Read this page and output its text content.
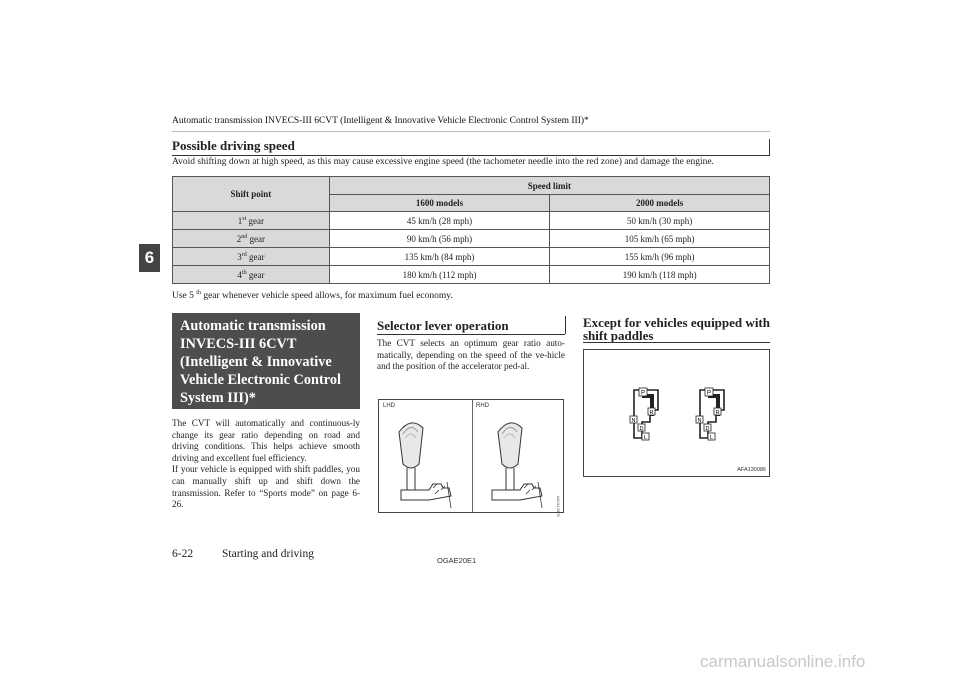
Automatic transmission INVECS-III 6CVT (Intelligent & Innovative Vehicle Electronic Control System III)*
6
Possible driving speed
Avoid shifting down at high speed, as this may cause excessive engine speed (the tachometer needle into the red zone) and damage the engine.
Shift point	Speed limit	
	1600 models	2000 models
1st gear	45 km/h (28 mph)	50 km/h (30 mph)
2nd gear	90 km/h (56 mph)	105 km/h (65 mph)
3rd gear	135 km/h (84 mph)	155 km/h (96 mph)
4th gear	180 km/h (112 mph)	190 km/h (118 mph)
Use 5 $^{th}$ gear whenever vehicle speed allows, for maximum fuel economy.
Automatic transmission INVECS-III 6CVT (Intelligent & Innovative Vehicle Electronic Control System III)*

The CVT will automatically and continuous-ly change its gear ratio depending on road and driving conditions. This helps achieve smooth driving and excellent fuel efficiency.

If your vehicle is equipped with shift paddles, you can manually shift up and shift down the transmission. Refer to “Sports mode” on page 6-26.

Selector lever operation
The CVT selects an optimum gear ratio auto-matically, depending on the speed of the ve-hicle and the position of the accelerator ped-al.
LHD	RHD
AA0113878
Except for vehicles equipped with shift paddles
P
R
N
D
L
P
R
N
D
L
AFA130086
6-22	Starting and driving
OGAE20E1
carmanualsonline.info
